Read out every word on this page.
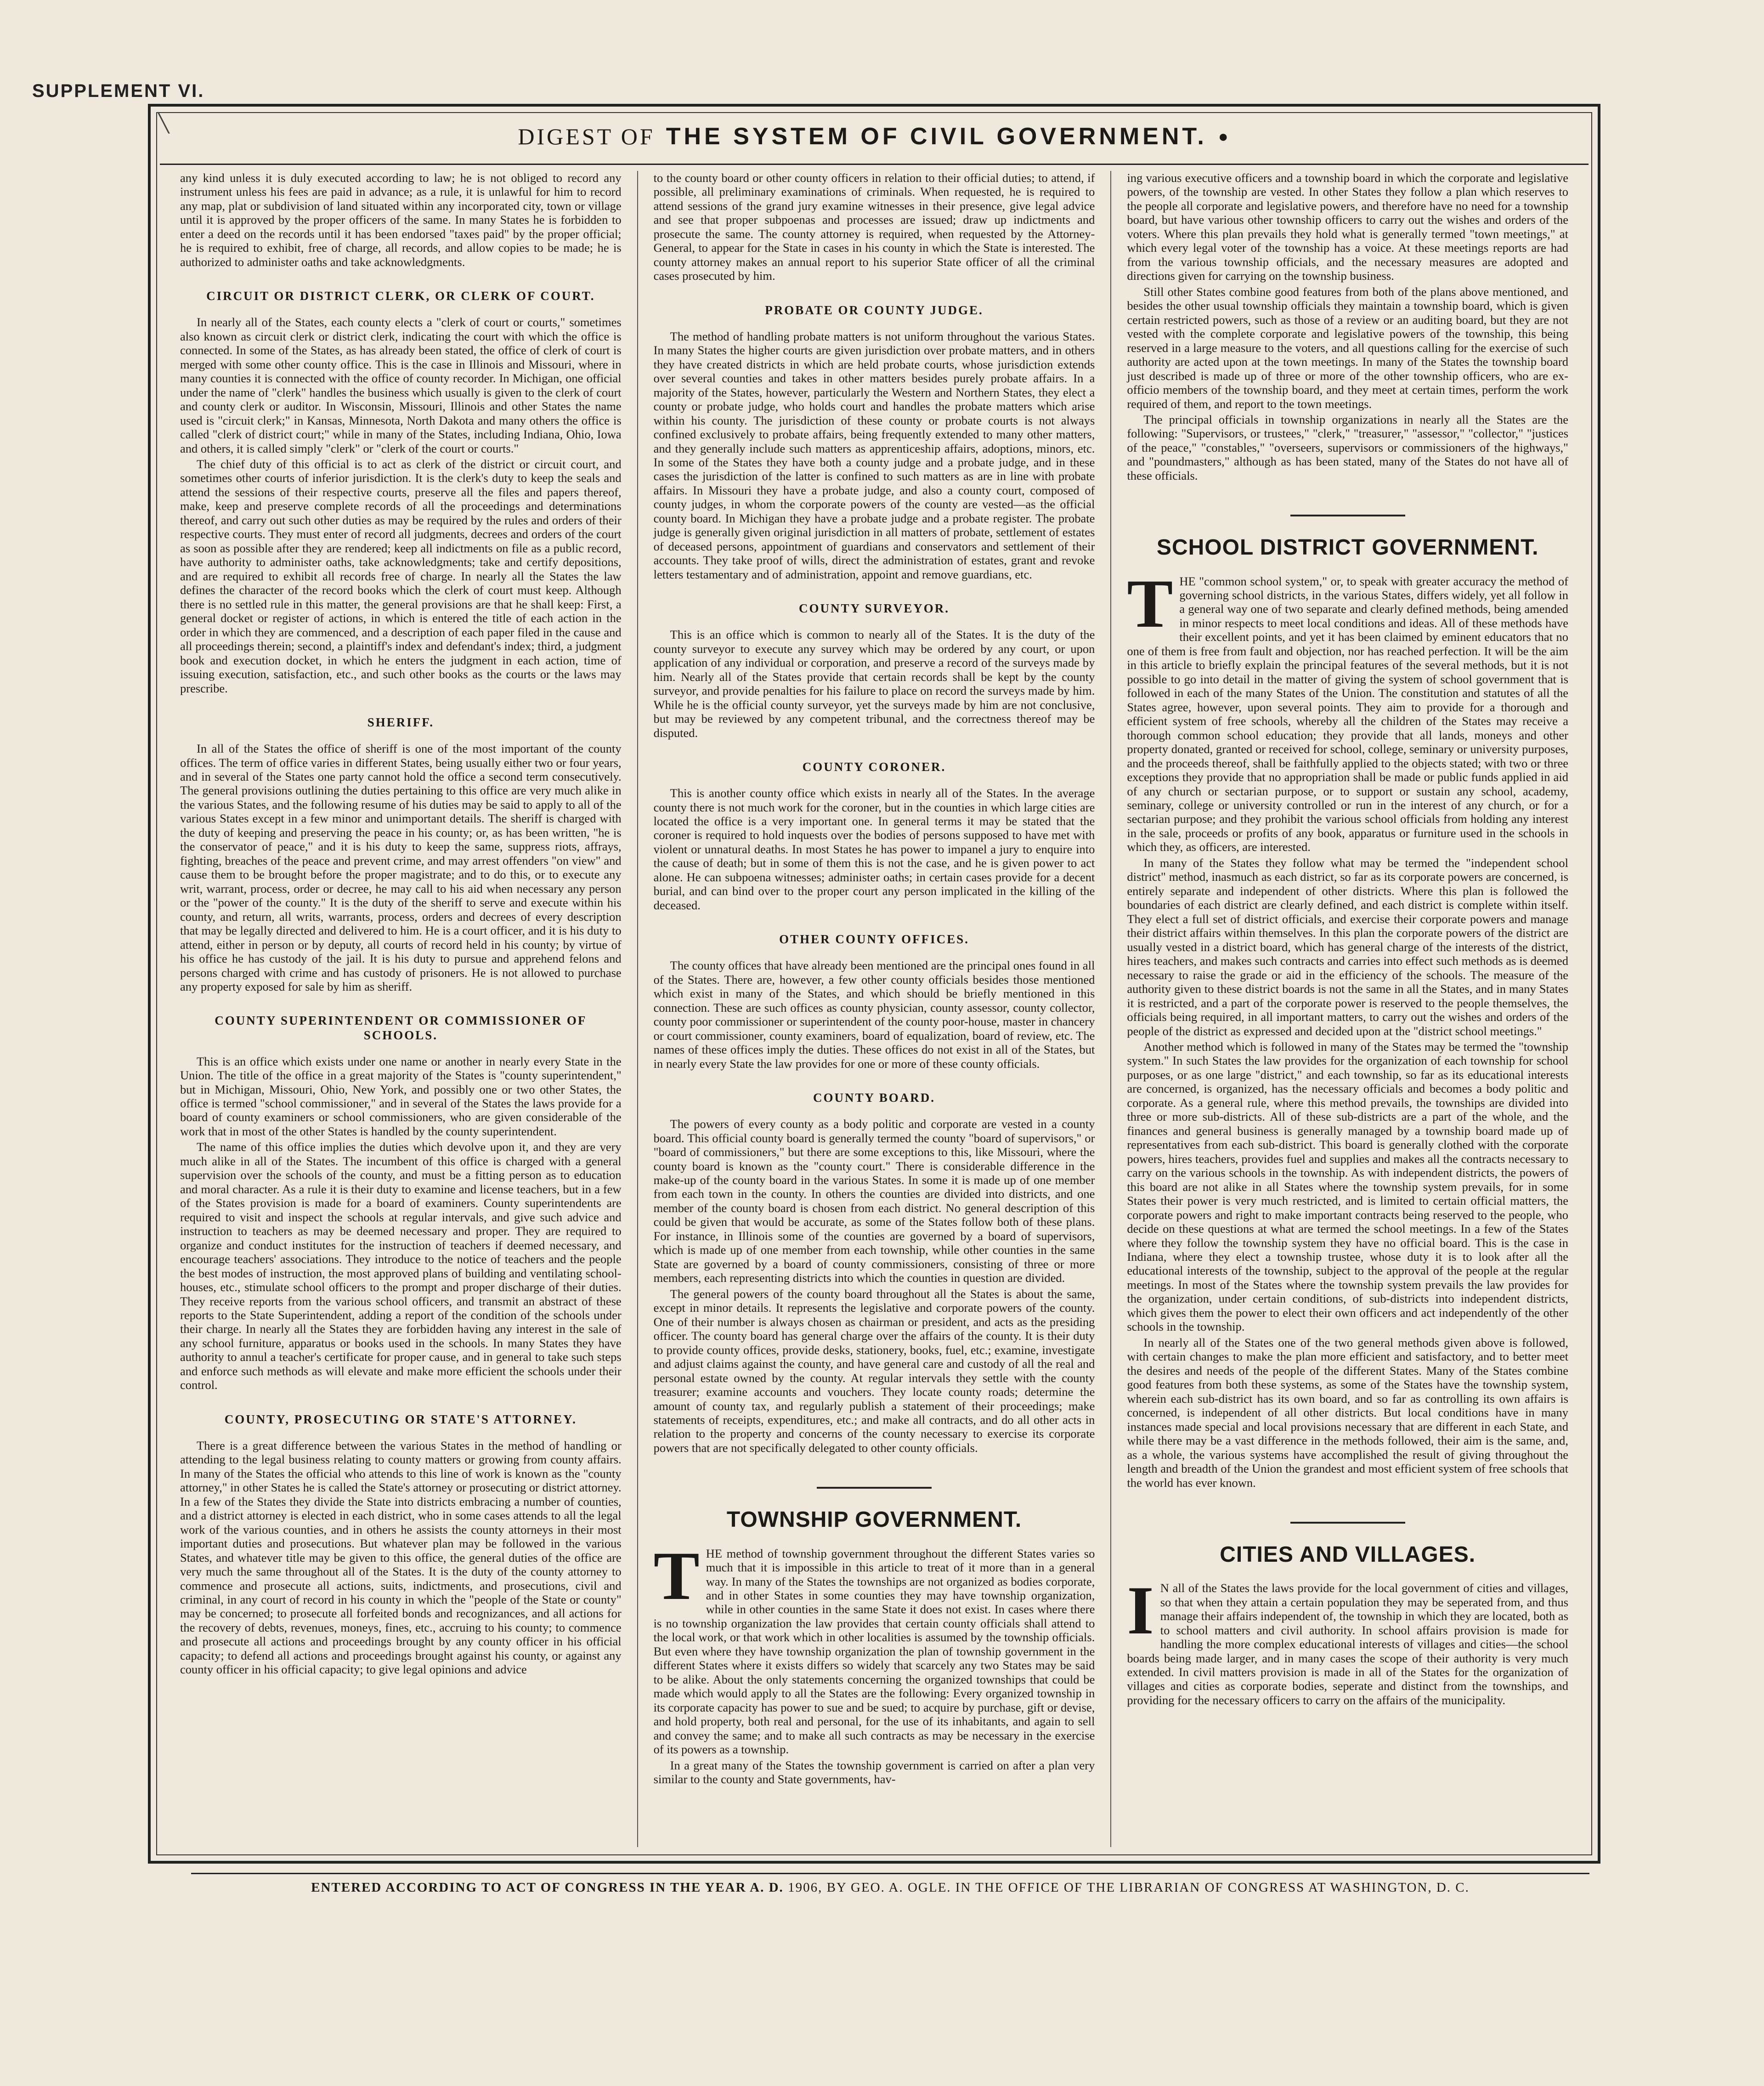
SUPPLEMENT VI.
╲
DIGEST OF THE SYSTEM OF CIVIL GOVERNMENT. ●

any kind unless it is duly executed according to law; he is not obliged to record any instrument unless his fees are paid in advance; as a rule, it is unlawful for him to record any map, plat or subdivision of land situated within any incorporated city, town or village until it is approved by the proper officers of the same. In many States he is forbidden to enter a deed on the records until it has been endorsed "taxes paid" by the proper official; he is required to exhibit, free of charge, all records, and allow copies to be made; he is authorized to administer oaths and take acknowledgments.

CIRCUIT OR DISTRICT CLERK, OR CLERK OF COURT.

In nearly all of the States, each county elects a "clerk of court or courts," sometimes also known as circuit clerk or district clerk, indicating the court with which the office is connected. In some of the States, as has already been stated, the office of clerk of court is merged with some other county office. This is the case in Illinois and Missouri, where in many counties it is connected with the office of county recorder. In Michigan, one official under the name of "clerk" handles the business which usually is given to the clerk of court and county clerk or auditor. In Wisconsin, Missouri, Illinois and other States the name used is "circuit clerk;" in Kansas, Minnesota, North Dakota and many others the office is called "clerk of district court;" while in many of the States, including Indiana, Ohio, Iowa and others, it is called simply "clerk" or "clerk of the court or courts."

The chief duty of this official is to act as clerk of the district or circuit court, and sometimes other courts of inferior jurisdiction. It is the clerk's duty to keep the seals and attend the sessions of their respective courts, preserve all the files and papers thereof, make, keep and preserve complete records of all the proceedings and determinations thereof, and carry out such other duties as may be required by the rules and orders of their respective courts. They must enter of record all judgments, decrees and orders of the court as soon as possible after they are rendered; keep all indictments on file as a public record, have authority to administer oaths, take acknowledgments; take and certify depositions, and are required to exhibit all records free of charge. In nearly all the States the law defines the character of the record books which the clerk of court must keep. Although there is no settled rule in this matter, the general provisions are that he shall keep: First, a general docket or register of actions, in which is entered the title of each action in the order in which they are commenced, and a description of each paper filed in the cause and all proceedings therein; second, a plaintiff's index and defendant's index; third, a judgment book and execution docket, in which he enters the judgment in each action, time of issuing execution, satisfaction, etc., and such other books as the courts or the laws may prescribe.

SHERIFF.

In all of the States the office of sheriff is one of the most important of the county offices. The term of office varies in different States, being usually either two or four years, and in several of the States one party cannot hold the office a second term consecutively. The general provisions outlining the duties pertaining to this office are very much alike in the various States, and the following resume of his duties may be said to apply to all of the various States except in a few minor and unimportant details. The sheriff is charged with the duty of keeping and preserving the peace in his county; or, as has been written, "he is the conservator of peace," and it is his duty to keep the same, suppress riots, affrays, fighting, breaches of the peace and prevent crime, and may arrest offenders "on view" and cause them to be brought before the proper magistrate; and to do this, or to execute any writ, warrant, process, order or decree, he may call to his aid when necessary any person or the "power of the county." It is the duty of the sheriff to serve and execute within his county, and return, all writs, warrants, process, orders and decrees of every description that may be legally directed and delivered to him. He is a court officer, and it is his duty to attend, either in person or by deputy, all courts of record held in his county; by virtue of his office he has custody of the jail. It is his duty to pursue and apprehend felons and persons charged with crime and has custody of prisoners. He is not allowed to purchase any property exposed for sale by him as sheriff.

COUNTY SUPERINTENDENT OR COMMISSIONER OF SCHOOLS.

This is an office which exists under one name or another in nearly every State in the Union. The title of the office in a great majority of the States is "county superintendent," but in Michigan, Missouri, Ohio, New York, and possibly one or two other States, the office is termed "school commissioner," and in several of the States the laws provide for a board of county examiners or school commissioners, who are given considerable of the work that in most of the other States is handled by the county superintendent.

The name of this office implies the duties which devolve upon it, and they are very much alike in all of the States. The incumbent of this office is charged with a general supervision over the schools of the county, and must be a fitting person as to education and moral character. As a rule it is their duty to examine and license teachers, but in a few of the States provision is made for a board of examiners. County superintendents are required to visit and inspect the schools at regular intervals, and give such advice and instruction to teachers as may be deemed necessary and proper. They are required to organize and conduct institutes for the instruction of teachers if deemed necessary, and encourage teachers' associations. They introduce to the notice of teachers and the people the best modes of instruction, the most approved plans of building and ventilating school-houses, etc., stimulate school officers to the prompt and proper discharge of their duties. They receive reports from the various school officers, and transmit an abstract of these reports to the State Superintendent, adding a report of the condition of the schools under their charge. In nearly all the States they are forbidden having any interest in the sale of any school furniture, apparatus or books used in the schools. In many States they have authority to annul a teacher's certificate for proper cause, and in general to take such steps and enforce such methods as will elevate and make more efficient the schools under their control.

COUNTY, PROSECUTING OR STATE'S ATTORNEY.

There is a great difference between the various States in the method of handling or attending to the legal business relating to county matters or growing from county affairs. In many of the States the official who attends to this line of work is known as the "county attorney," in other States he is called the State's attorney or prosecuting or district attorney. In a few of the States they divide the State into districts embracing a number of counties, and a district attorney is elected in each district, who in some cases attends to all the legal work of the various counties, and in others he assists the county attorneys in their most important duties and prosecutions. But whatever plan may be followed in the various States, and whatever title may be given to this office, the general duties of the office are very much the same throughout all of the States. It is the duty of the county attorney to commence and prosecute all actions, suits, indictments, and prosecutions, civil and criminal, in any court of record in his county in which the "people of the State or county" may be concerned; to prosecute all forfeited bonds and recognizances, and all actions for the recovery of debts, revenues, moneys, fines, etc., accruing to his county; to commence and prosecute all actions and proceedings brought by any county officer in his official capacity; to defend all actions and proceedings brought against his county, or against any county officer in his official capacity; to give legal opinions and advice

to the county board or other county officers in relation to their official duties; to attend, if possible, all preliminary examinations of criminals. When requested, he is required to attend sessions of the grand jury examine witnesses in their presence, give legal advice and see that proper subpoenas and processes are issued; draw up indictments and prosecute the same. The county attorney is required, when requested by the Attorney-General, to appear for the State in cases in his county in which the State is interested. The county attorney makes an annual report to his superior State officer of all the criminal cases prosecuted by him.

PROBATE OR COUNTY JUDGE.

The method of handling probate matters is not uniform throughout the various States. In many States the higher courts are given jurisdiction over probate matters, and in others they have created districts in which are held probate courts, whose jurisdiction extends over several counties and takes in other matters besides purely probate affairs. In a majority of the States, however, particularly the Western and Northern States, they elect a county or probate judge, who holds court and handles the probate matters which arise within his county. The jurisdiction of these county or probate courts is not always confined exclusively to probate affairs, being frequently extended to many other matters, and they generally include such matters as apprenticeship affairs, adoptions, minors, etc. In some of the States they have both a county judge and a probate judge, and in these cases the jurisdiction of the latter is confined to such matters as are in line with probate affairs. In Missouri they have a probate judge, and also a county court, composed of county judges, in whom the corporate powers of the county are vested—as the official county board. In Michigan they have a probate judge and a probate register. The probate judge is generally given original jurisdiction in all matters of probate, settlement of estates of deceased persons, appointment of guardians and conservators and settlement of their accounts. They take proof of wills, direct the administration of estates, grant and revoke letters testamentary and of administration, appoint and remove guardians, etc.

COUNTY SURVEYOR.

This is an office which is common to nearly all of the States. It is the duty of the county surveyor to execute any survey which may be ordered by any court, or upon application of any individual or corporation, and preserve a record of the surveys made by him. Nearly all of the States provide that certain records shall be kept by the county surveyor, and provide penalties for his failure to place on record the surveys made by him. While he is the official county surveyor, yet the surveys made by him are not conclusive, but may be reviewed by any competent tribunal, and the correctness thereof may be disputed.

COUNTY CORONER.

This is another county office which exists in nearly all of the States. In the average county there is not much work for the coroner, but in the counties in which large cities are located the office is a very important one. In general terms it may be stated that the coroner is required to hold inquests over the bodies of persons supposed to have met with violent or unnatural deaths. In most States he has power to impanel a jury to enquire into the cause of death; but in some of them this is not the case, and he is given power to act alone. He can subpoena witnesses; administer oaths; in certain cases provide for a decent burial, and can bind over to the proper court any person implicated in the killing of the deceased.

OTHER COUNTY OFFICES.

The county offices that have already been mentioned are the principal ones found in all of the States. There are, however, a few other county officials besides those mentioned which exist in many of the States, and which should be briefly mentioned in this connection. These are such offices as county physician, county assessor, county collector, county poor commissioner or superintendent of the county poor-house, master in chancery or court commissioner, county examiners, board of equalization, board of review, etc. The names of these offices imply the duties. These offices do not exist in all of the States, but in nearly every State the law provides for one or more of these county officials.

COUNTY BOARD.

The powers of every county as a body politic and corporate are vested in a county board. This official county board is generally termed the county "board of supervisors," or "board of commissioners," but there are some exceptions to this, like Missouri, where the county board is known as the "county court." There is considerable difference in the make-up of the county board in the various States. In some it is made up of one member from each town in the county. In others the counties are divided into districts, and one member of the county board is chosen from each district. No general description of this could be given that would be accurate, as some of the States follow both of these plans. For instance, in Illinois some of the counties are governed by a board of supervisors, which is made up of one member from each township, while other counties in the same State are governed by a board of county commissioners, consisting of three or more members, each representing districts into which the counties in question are divided.

The general powers of the county board throughout all the States is about the same, except in minor details. It represents the legislative and corporate powers of the county. One of their number is always chosen as chairman or president, and acts as the presiding officer. The county board has general charge over the affairs of the county. It is their duty to provide county offices, provide desks, stationery, books, fuel, etc.; examine, investigate and adjust claims against the county, and have general care and custody of all the real and personal estate owned by the county. At regular intervals they settle with the county treasurer; examine accounts and vouchers. They locate county roads; determine the amount of county tax, and regularly publish a statement of their proceedings; make statements of receipts, expenditures, etc.; and make all contracts, and do all other acts in relation to the property and concerns of the county necessary to exercise its corporate powers that are not specifically delegated to other county officials.

TOWNSHIP GOVERNMENT.

THE method of township government throughout the different States varies so much that it is impossible in this article to treat of it more than in a general way. In many of the States the townships are not organized as bodies corporate, and in other States in some counties they may have township organization, while in other counties in the same State it does not exist. In cases where there is no township organization the law provides that certain county officials shall attend to the local work, or that work which in other localities is assumed by the township officials. But even where they have township organization the plan of township government in the different States where it exists differs so widely that scarcely any two States may be said to be alike. About the only statements concerning the organized townships that could be made which would apply to all the States are the following: Every organized township in its corporate capacity has power to sue and be sued; to acquire by purchase, gift or devise, and hold property, both real and personal, for the use of its inhabitants, and again to sell and convey the same; and to make all such contracts as may be necessary in the exercise of its powers as a township.

In a great many of the States the township government is carried on after a plan very similar to the county and State governments, hav-

ing various executive officers and a township board in which the corporate and legislative powers, of the township are vested. In other States they follow a plan which reserves to the people all corporate and legislative powers, and therefore have no need for a township board, but have various other township officers to carry out the wishes and orders of the voters. Where this plan prevails they hold what is generally termed "town meetings," at which every legal voter of the township has a voice. At these meetings reports are had from the various township officials, and the necessary measures are adopted and directions given for carrying on the township business.

Still other States combine good features from both of the plans above mentioned, and besides the other usual township officials they maintain a township board, which is given certain restricted powers, such as those of a review or an auditing board, but they are not vested with the complete corporate and legislative powers of the township, this being reserved in a large measure to the voters, and all questions calling for the exercise of such authority are acted upon at the town meetings. In many of the States the township board just described is made up of three or more of the other township officers, who are ex-officio members of the township board, and they meet at certain times, perform the work required of them, and report to the town meetings.

The principal officials in township organizations in nearly all the States are the following: "Supervisors, or trustees," "clerk," "treasurer," "assessor," "collector," "justices of the peace," "constables," "overseers, supervisors or commissioners of the highways," and "poundmasters," although as has been stated, many of the States do not have all of these officials.

SCHOOL DISTRICT GOVERNMENT.

THE "common school system," or, to speak with greater accuracy the method of governing school districts, in the various States, differs widely, yet all follow in a general way one of two separate and clearly defined methods, being amended in minor respects to meet local conditions and ideas. All of these methods have their excellent points, and yet it has been claimed by eminent educators that no one of them is free from fault and objection, nor has reached perfection. It will be the aim in this article to briefly explain the principal features of the several methods, but it is not possible to go into detail in the matter of giving the system of school government that is followed in each of the many States of the Union. The constitution and statutes of all the States agree, however, upon several points. They aim to provide for a thorough and efficient system of free schools, whereby all the children of the States may receive a thorough common school education; they provide that all lands, moneys and other property donated, granted or received for school, college, seminary or university purposes, and the proceeds thereof, shall be faithfully applied to the objects stated; with two or three exceptions they provide that no appropriation shall be made or public funds applied in aid of any church or sectarian purpose, or to support or sustain any school, academy, seminary, college or university controlled or run in the interest of any church, or for a sectarian purpose; and they prohibit the various school officials from holding any interest in the sale, proceeds or profits of any book, apparatus or furniture used in the schools in which they, as officers, are interested.

In many of the States they follow what may be termed the "independent school district" method, inasmuch as each district, so far as its corporate powers are concerned, is entirely separate and independent of other districts. Where this plan is followed the boundaries of each district are clearly defined, and each district is complete within itself. They elect a full set of district officials, and exercise their corporate powers and manage their district affairs within themselves. In this plan the corporate powers of the district are usually vested in a district board, which has general charge of the interests of the district, hires teachers, and makes such contracts and carries into effect such methods as is deemed necessary to raise the grade or aid in the efficiency of the schools. The measure of the authority given to these district boards is not the same in all the States, and in many States it is restricted, and a part of the corporate power is reserved to the people themselves, the officials being required, in all important matters, to carry out the wishes and orders of the people of the district as expressed and decided upon at the "district school meetings."

Another method which is followed in many of the States may be termed the "township system." In such States the law provides for the organization of each township for school purposes, or as one large "district," and each township, so far as its educational interests are concerned, is organized, has the necessary officials and becomes a body politic and corporate. As a general rule, where this method prevails, the townships are divided into three or more sub-districts. All of these sub-districts are a part of the whole, and the finances and general business is generally managed by a township board made up of representatives from each sub-district. This board is generally clothed with the corporate powers, hires teachers, provides fuel and supplies and makes all the contracts necessary to carry on the various schools in the township. As with independent districts, the powers of this board are not alike in all States where the township system prevails, for in some States their power is very much restricted, and is limited to certain official matters, the corporate powers and right to make important contracts being reserved to the people, who decide on these questions at what are termed the school meetings. In a few of the States where they follow the township system they have no official board. This is the case in Indiana, where they elect a township trustee, whose duty it is to look after all the educational interests of the township, subject to the approval of the people at the regular meetings. In most of the States where the township system prevails the law provides for the organization, under certain conditions, of sub-districts into independent districts, which gives them the power to elect their own officers and act independently of the other schools in the township.

In nearly all of the States one of the two general methods given above is followed, with certain changes to make the plan more efficient and satisfactory, and to better meet the desires and needs of the people of the different States. Many of the States combine good features from both these systems, as some of the States have the township system, wherein each sub-district has its own board, and so far as controlling its own affairs is concerned, is independent of all other districts. But local conditions have in many instances made special and local provisions necessary that are different in each State, and while there may be a vast difference in the methods followed, their aim is the same, and, as a whole, the various systems have accomplished the result of giving throughout the length and breadth of the Union the grandest and most efficient system of free schools that the world has ever known.

CITIES AND VILLAGES.

I N all of the States the laws provide for the local government of cities and villages, so that when they attain a certain population they may be seperated from, and thus manage their affairs independent of, the township in which they are located, both as to school matters and civil authority. In school affairs provision is made for handling the more complex educational interests of villages and cities—the school boards being made larger, and in many cases the scope of their authority is very much extended. In civil matters provision is made in all of the States for the organization of villages and cities as corporate bodies, seperate and distinct from the townships, and providing for the necessary officers to carry on the affairs of the municipality.

ENTERED ACCORDING TO ACT OF CONGRESS IN THE YEAR A. D. 1906, BY GEO. A. OGLE. IN THE OFFICE OF THE LIBRARIAN OF CONGRESS AT WASHINGTON, D. C.
